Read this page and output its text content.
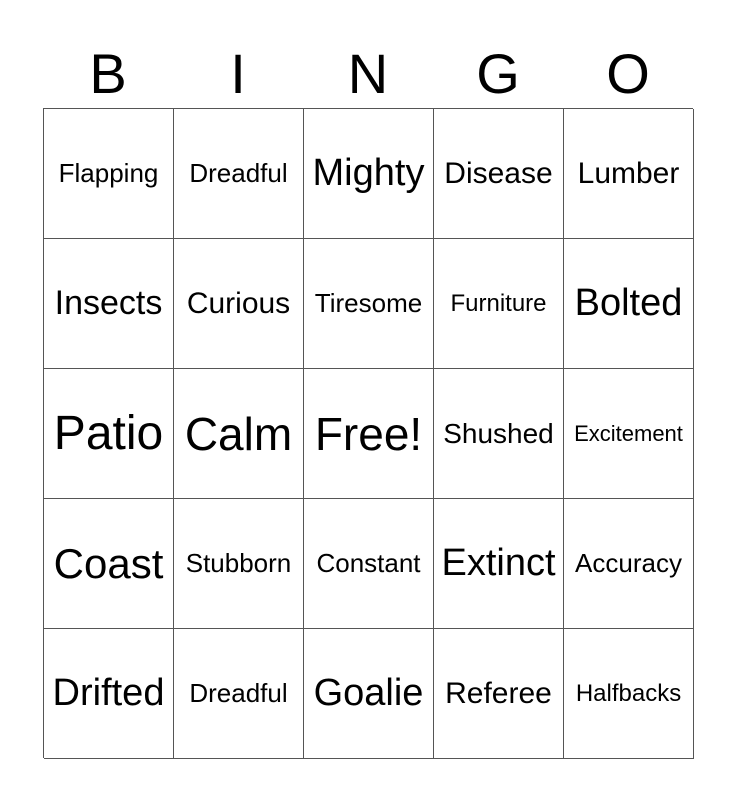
B	I	N	G	O
Flapping	Dreadful Mighty Disease Lumber
Insects Curious Tiresome	Furniture Bolted
Patio Calm Free! Shushed Excitement
Coast Stubborn Constant Extinct Accuracy
Drifted Dreadful Goalie Referee Halfbacks
